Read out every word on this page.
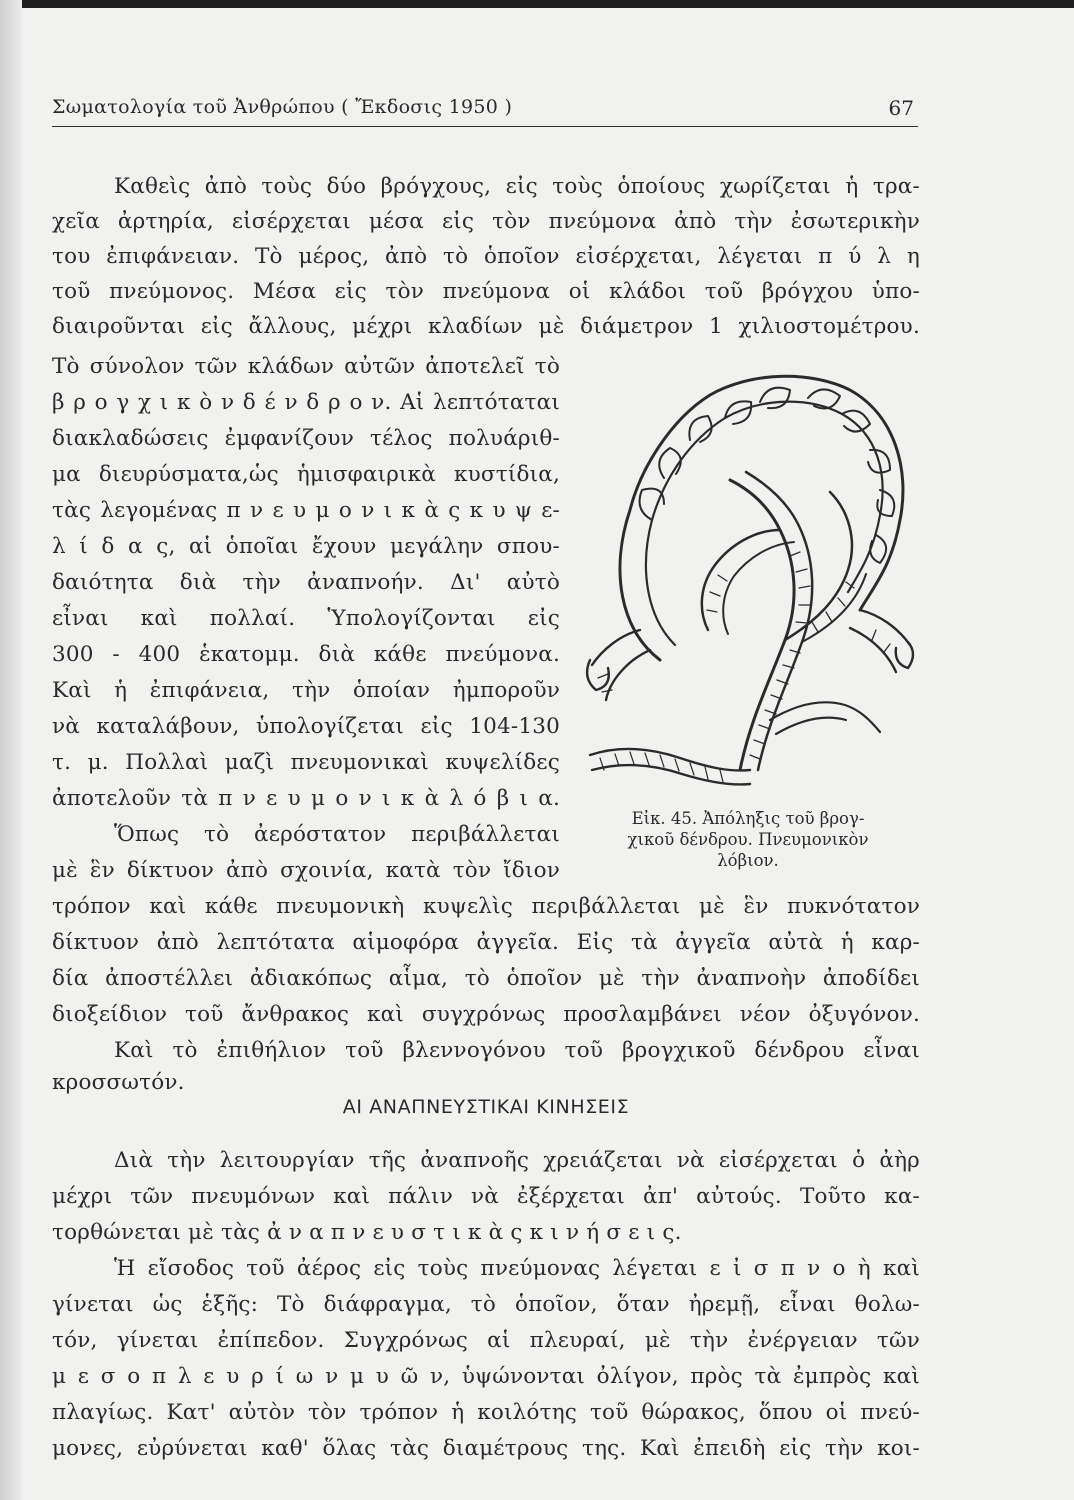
Σωματολογία τοῦ Ἀνθρώπου ( Ἔκδοσις 1950 )	67
Καθεὶς ἀπὸ τοὺς δύο βρόγχους, εἰς τοὺς ὁποίους χωρίζεται ἡ τρα-
χεῖα ἀρτηρία, εἰσέρχεται μέσα εἰς τὸν πνεύμονα ἀπὸ τὴν ἐσωτερικὴν
του ἐπιφάνειαν. Τὸ μέρος, ἀπὸ τὸ ὁποῖον εἰσέρχεται, λέγεται π ύ λ η
τοῦ πνεύμονος. Μέσα εἰς τὸν πνεύμονα οἱ κλάδοι τοῦ βρόγχου ὑπο-
διαιροῦνται εἰς ἄλλους, μέχρι κλαδίων μὲ διάμετρον 1 χιλιοστομέτρου.
Τὸ σύνολον τῶν κλάδων αὐτῶν ἀποτελεῖ τὸ
β ρ ο γ χ ι κ ὸ ν δ έ ν δ ρ ο ν. Αἱ λεπτόταται
διακλαδώσεις ἐμφανίζουν τέλος πολυάριθ-
μα διευρύσματα,ὡς ἡμισφαιρικὰ κυστίδια,
τὰς λεγομένας π ν ε υ μ ο ν ι κ ὰ ς κ υ ψ ε-
λ ί δ α ς, αἱ ὁποῖαι ἔχουν μεγάλην σπου-
δαιότητα διὰ τὴν ἀναπνοήν. Δι' αὐτὸ
εἶναι καὶ πολλαί. Ὑπολογίζονται εἰς
300 - 400 ἑκατομμ. διὰ κάθε πνεύμονα.
Καὶ ἡ ἐπιφάνεια, τὴν ὁποίαν ἠμποροῦν
νὰ καταλάβουν, ὑπολογίζεται εἰς 104-130
τ. μ. Πολλαὶ μαζὶ πνευμονικαὶ κυψελίδες
ἀποτελοῦν τὰ π ν ε υ μ ο ν ι κ ὰ λ ό β ι α.
Ὅπως τὸ ἀερόστατον περιβάλλεται
μὲ ἓν δίκτυον ἀπὸ σχοινία, κατὰ τὸν ἴδιον
τρόπον καὶ κάθε πνευμονικὴ κυψελὶς περιβάλλεται μὲ ἓν πυκνότατον
δίκτυον ἀπὸ λεπτότατα αἱμοφόρα ἀγγεῖα. Εἰς τὰ ἀγγεῖα αὐτὰ ἡ καρ-
δία ἀποστέλλει ἀδιακόπως αἷμα, τὸ ὁποῖον μὲ τὴν ἀναπνοὴν ἀποδίδει
διοξείδιον τοῦ ἄνθρακος καὶ συγχρόνως προσλαμβάνει νέον ὀξυγόνον.
Καὶ τὸ ἐπιθήλιον τοῦ βλεννογόνου τοῦ βρογχικοῦ δένδρου εἶναι
κροσσωτόν.
ΑΙ ΑΝΑΠΝΕΥΣΤΙΚΑΙ ΚΙΝΗΣΕΙΣ
Διὰ τὴν λειτουργίαν τῆς ἀναπνοῆς χρειάζεται νὰ εἰσέρχεται ὁ ἀὴρ
μέχρι τῶν πνευμόνων καὶ πάλιν νὰ ἐξέρχεται ἀπ' αὐτούς. Τοῦτο κα-
τορθώνεται μὲ τὰς ἀ ν α π ν ε υ σ τ ι κ ὰ ς κ ι ν ή σ ε ι ς.
Ἡ εἴσοδος τοῦ ἀέρος εἰς τοὺς πνεύμονας λέγεται ε ἰ σ π ν ο ὴ καὶ
γίνεται ὡς ἑξῆς: Τὸ διάφραγμα, τὸ ὁποῖον, ὅταν ἠρεμῇ, εἶναι θολω-
τόν, γίνεται ἐπίπεδον. Συγχρόνως αἱ πλευραί, μὲ τὴν ἐνέργειαν τῶν
μ ε σ ο π λ ε υ ρ ί ω ν μ υ ῶ ν, ὑψώνονται ὀλίγον, πρὸς τὰ ἐμπρὸς καὶ
πλαγίως. Κατ' αὐτὸν τὸν τρόπον ἡ κοιλότης τοῦ θώρακος, ὅπου οἱ πνεύ-
μονες, εὐρύνεται καθ' ὅλας τὰς διαμέτρους της. Καὶ ἐπειδὴ εἰς τὴν κοι-
Εἰκ. 45. Ἀπόληξις τοῦ βρογ-
χικοῦ δένδρου. Πνευμονικὸν
λόβιον.
